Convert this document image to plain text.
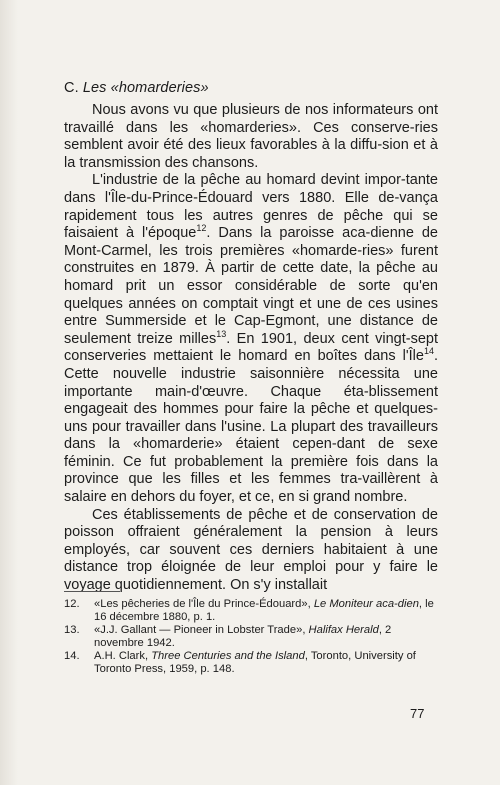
C. Les «homarderies»

Nous avons vu que plusieurs de nos informateurs ont travaillé dans les «homarderies». Ces conserve-ries semblent avoir été des lieux favorables à la diffu-sion et à la transmission des chansons.

L'industrie de la pêche au homard devint impor-tante dans l'Île-du-Prince-Édouard vers 1880. Elle de-vança rapidement tous les autres genres de pêche qui se faisaient à l'époque$^{12}$. Dans la paroisse aca-dienne de Mont-Carmel, les trois premières «homarde-ries» furent construites en 1879. À partir de cette date, la pêche au homard prit un essor considérable de sorte qu'en quelques années on comptait vingt et une de ces usines entre Summerside et le Cap-Egmont, une distance de seulement treize milles$^{13}$. En 1901, deux cent vingt-sept conserveries mettaient le homard en boîtes dans l'Île$^{14}$. Cette nouvelle industrie saisonnière nécessita une importante main-d'œuvre. Chaque éta-blissement engageait des hommes pour faire la pêche et quelques-uns pour travailler dans l'usine. La plupart des travailleurs dans la «homarderie» étaient cepen-dant de sexe féminin. Ce fut probablement la première fois dans la province que les filles et les femmes tra-vaillèrent à salaire en dehors du foyer, et ce, en si grand nombre.

Ces établissements de pêche et de conservation de poisson offraient généralement la pension à leurs employés, car souvent ces derniers habitaient à une distance trop éloignée de leur emploi pour y faire le voyage quotidiennement. On s'y installait

12.	«Les pêcheries de l'Île du Prince-Édouard», Le Moniteur aca-dien, le 16 décembre 1880, p. 1.
13.	«J.J. Gallant — Pioneer in Lobster Trade», Halifax Herald, 2 novembre 1942.
14.	A.H. Clark, Three Centuries and the Island, Toronto, University of Toronto Press, 1959, p. 148.
77
